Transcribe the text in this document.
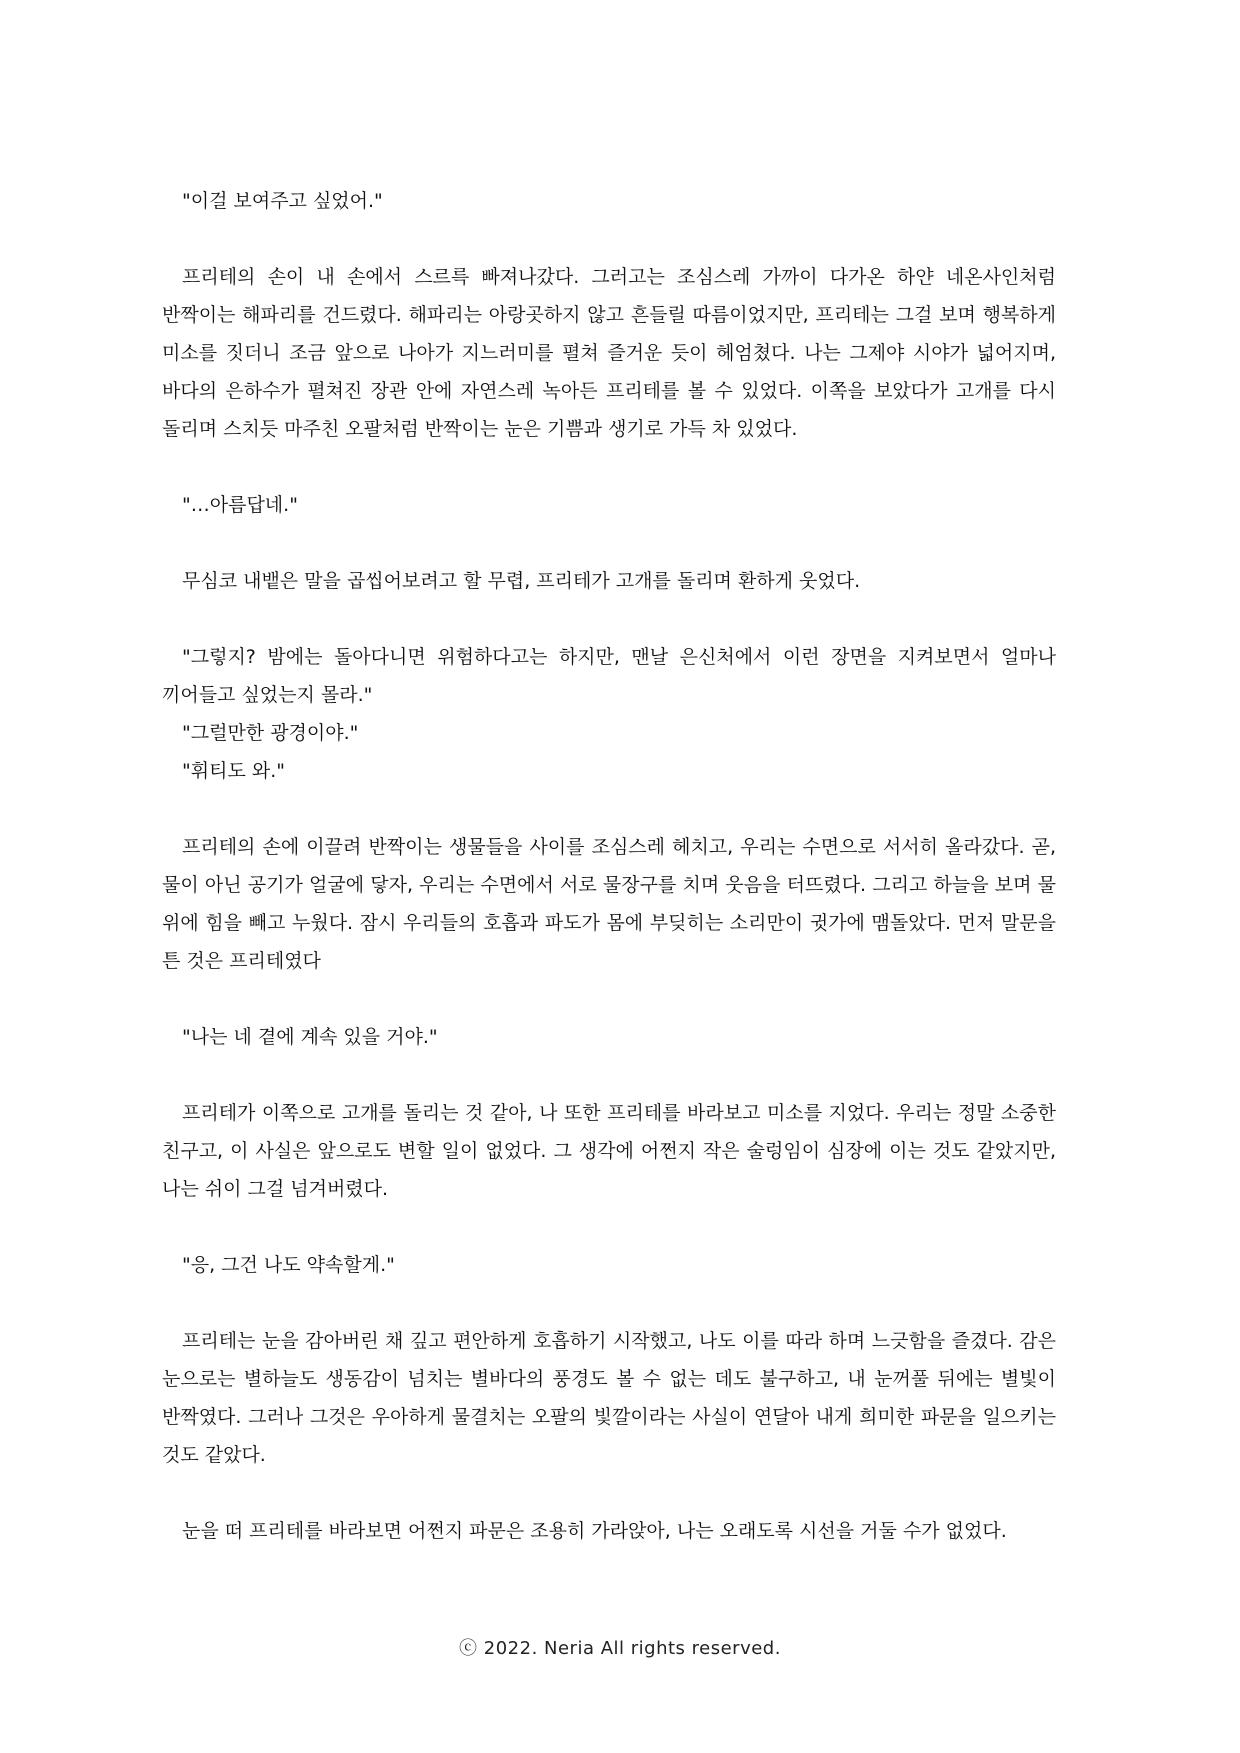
"이걸 보여주고 싶었어."

프리테의 손이 내 손에서 스르륵 빠져나갔다. 그러고는 조심스레 가까이 다가온 하얀 네온사인처럼 반짝이는 해파리를 건드렸다. 해파리는 아랑곳하지 않고 흔들릴 따름이었지만, 프리테는 그걸 보며 행복하게 미소를 짓더니 조금 앞으로 나아가 지느러미를 펼쳐 즐거운 듯이 헤엄쳤다. 나는 그제야 시야가 넓어지며, 바다의 은하수가 펼쳐진 장관 안에 자연스레 녹아든 프리테를 볼 수 있었다. 이쪽을 보았다가 고개를 다시 돌리며 스치듯 마주친 오팔처럼 반짝이는 눈은 기쁨과 생기로 가득 차 있었다.

"…아름답네."

무심코 내뱉은 말을 곱씹어보려고 할 무렵, 프리테가 고개를 돌리며 환하게 웃었다.

"그렇지? 밤에는 돌아다니면 위험하다고는 하지만, 맨날 은신처에서 이런 장면을 지켜보면서 얼마나 끼어들고 싶었는지 몰라."

"그럴만한 광경이야."

"휘티도 와."

프리테의 손에 이끌려 반짝이는 생물들을 사이를 조심스레 헤치고, 우리는 수면으로 서서히 올라갔다. 곧, 물이 아닌 공기가 얼굴에 닿자, 우리는 수면에서 서로 물장구를 치며 웃음을 터뜨렸다. 그리고 하늘을 보며 물 위에 힘을 빼고 누웠다. 잠시 우리들의 호흡과 파도가 몸에 부딪히는 소리만이 귓가에 맴돌았다. 먼저 말문을 튼 것은 프리테였다

"나는 네 곁에 계속 있을 거야."

프리테가 이쪽으로 고개를 돌리는 것 같아, 나 또한 프리테를 바라보고 미소를 지었다. 우리는 정말 소중한 친구고, 이 사실은 앞으로도 변할 일이 없었다. 그 생각에 어쩐지 작은 술렁임이 심장에 이는 것도 같았지만, 나는 쉬이 그걸 넘겨버렸다.

"응, 그건 나도 약속할게."

프리테는 눈을 감아버린 채 깊고 편안하게 호흡하기 시작했고, 나도 이를 따라 하며 느긋함을 즐겼다. 감은 눈으로는 별하늘도 생동감이 넘치는 별바다의 풍경도 볼 수 없는 데도 불구하고, 내 눈꺼풀 뒤에는 별빛이 반짝였다. 그러나 그것은 우아하게 물결치는 오팔의 빛깔이라는 사실이 연달아 내게 희미한 파문을 일으키는 것도 같았다.

눈을 떠 프리테를 바라보면 어쩐지 파문은 조용히 가라앉아, 나는 오래도록 시선을 거둘 수가 없었다.

ⓒ 2022. Neria All rights reserved.
